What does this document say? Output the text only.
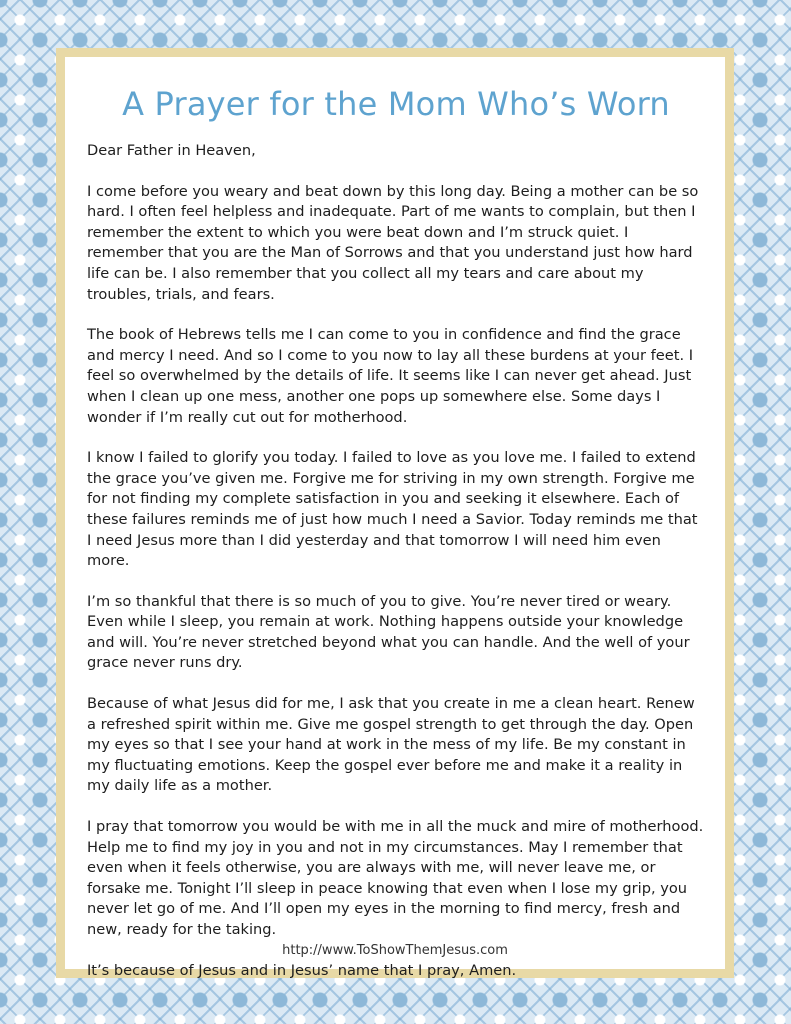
A Prayer for the Mom Who’s Worn

Dear Father in Heaven,

I come before you weary and beat down by this long day. Being a mother can be so hard. I often feel helpless and inadequate. Part of me wants to complain, but then I remember the extent to which you were beat down and I’m struck quiet. I remember that you are the Man of Sorrows and that you understand just how hard life can be. I also remember that you collect all my tears and care about my troubles, trials, and fears.

The book of Hebrews tells me I can come to you in confidence and find the grace and mercy I need. And so I come to you now to lay all these burdens at your feet. I feel so overwhelmed by the details of life. It seems like I can never get ahead. Just when I clean up one mess, another one pops up somewhere else. Some days I wonder if I’m really cut out for motherhood.

I know I failed to glorify you today. I failed to love as you love me. I failed to extend the grace you’ve given me. Forgive me for striving in my own strength. Forgive me for not finding my complete satisfaction in you and seeking it elsewhere. Each of these failures reminds me of just how much I need a Savior. Today reminds me that I need Jesus more than I did yesterday and that tomorrow I will need him even more.

I’m so thankful that there is so much of you to give. You’re never tired or weary. Even while I sleep, you remain at work. Nothing happens outside your knowledge and will. You’re never stretched beyond what you can handle. And the well of your grace never runs dry.

Because of what Jesus did for me, I ask that you create in me a clean heart. Renew a refreshed spirit within me. Give me gospel strength to get through the day. Open my eyes so that I see your hand at work in the mess of my life. Be my constant in my fluctuating emotions. Keep the gospel ever before me and make it a reality in my daily life as a mother.

I pray that tomorrow you would be with me in all the muck and mire of motherhood. Help me to find my joy in you and not in my circumstances. May I remember that even when it feels otherwise, you are always with me, will never leave me, or forsake me. Tonight I’ll sleep in peace knowing that even when I lose my grip, you never let go of me. And I’ll open my eyes in the morning to find mercy, fresh and new, ready for the taking.

It’s because of Jesus and in Jesus’ name that I pray, Amen.

http://www.ToShowThemJesus.com
